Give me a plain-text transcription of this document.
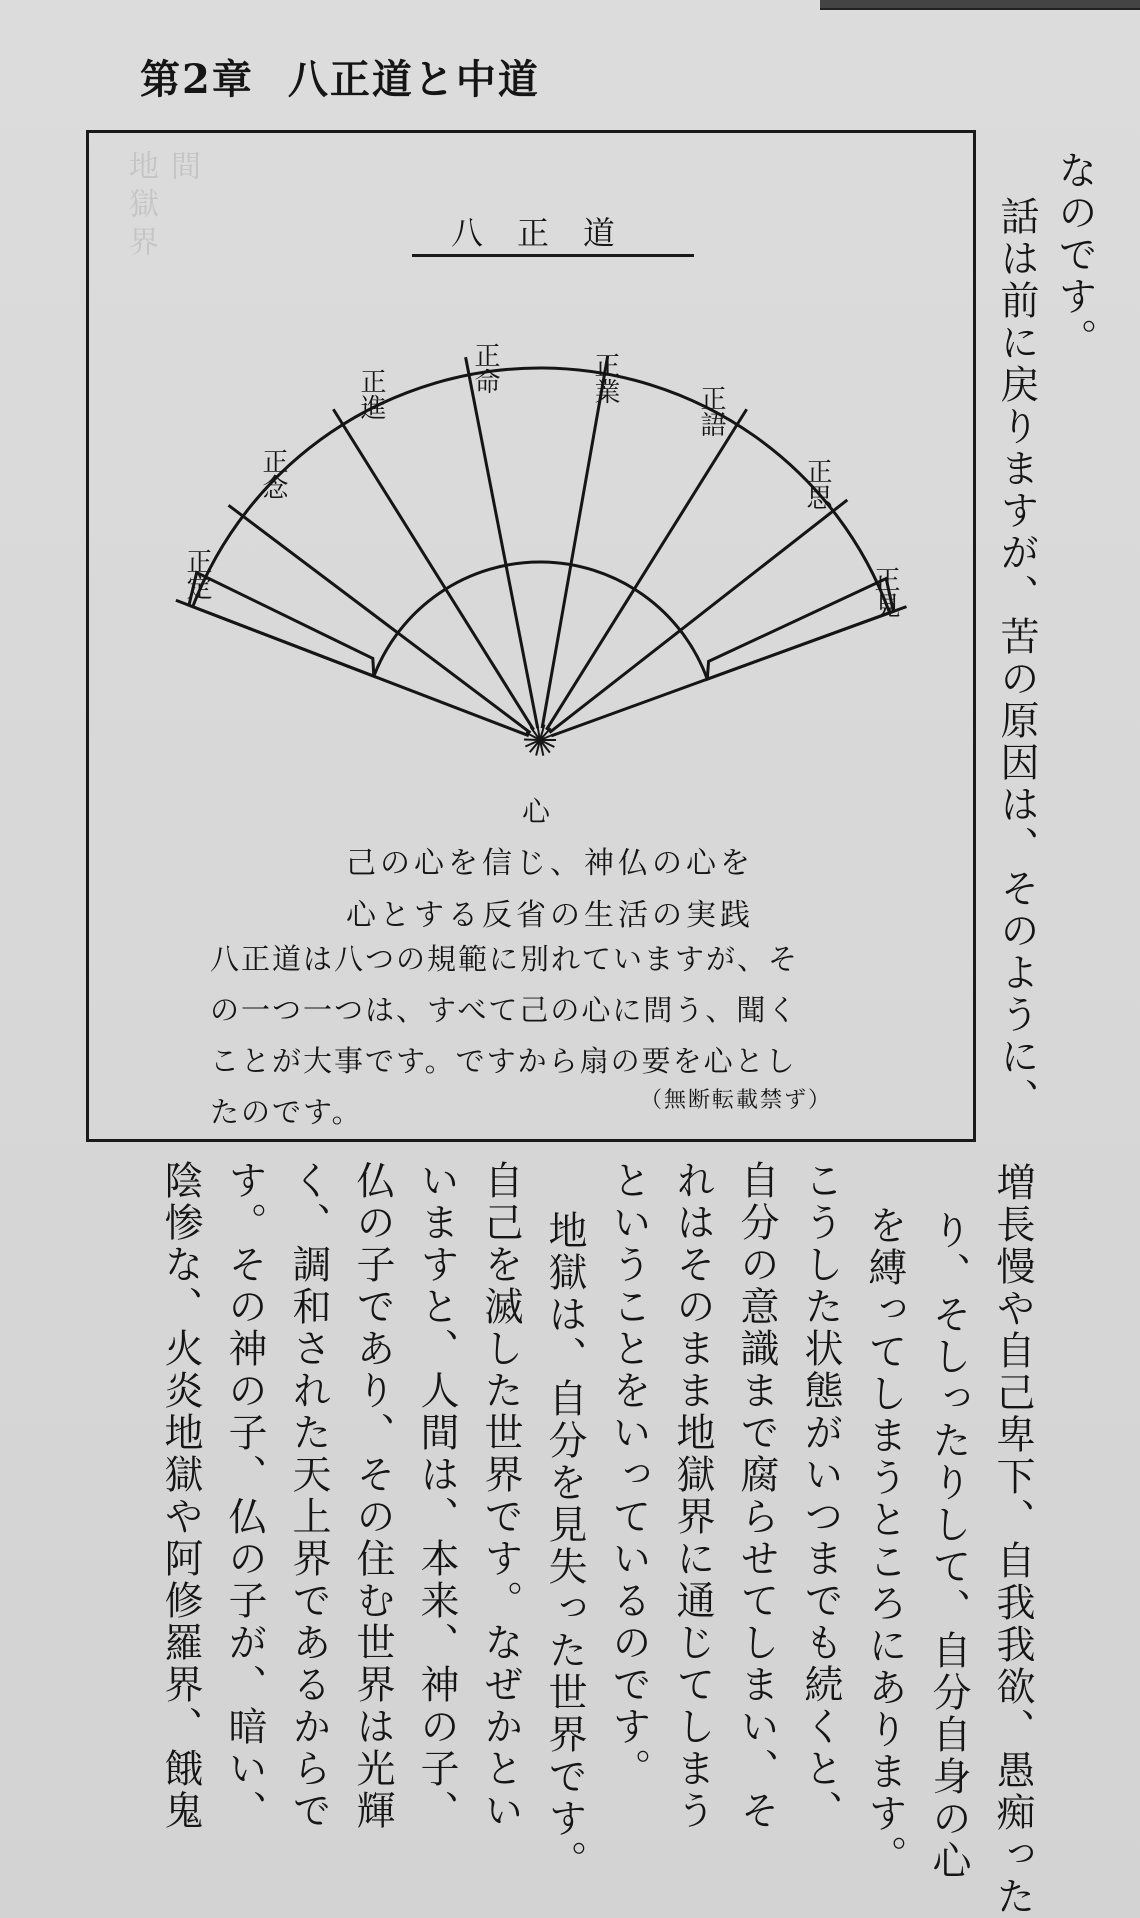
第2章 八正道と中道
地獄界 間
八正道
正定
正念
正進	正命	正業
正語
正思
正見
心
己の心を信じ、神仏の心を
心とする反省の生活の実践
八正道は八つの規範に別れていますが、そ
の一つ一つは、すべて己の心に問う、聞く
ことが大事です。ですから扇の要を心とし
たのです。	（無断転載禁ず）
なのです。
話は前に戻りますが、苦の原因は、そのように、
増長慢や自己卑下、自我我欲、愚痴った
り、そしったりして、自分自身の心
を縛ってしまうところにあります。
こうした状態がいつまでも続くと、
自分の意識まで腐らせてしまい、そ
れはそのまま地獄界に通じてしまう
ということをいっているのです。
地獄は、自分を見失った世界です。
自己を滅した世界です。なぜかとい
いますと、人間は、本来、神の子、
仏の子であり、その住む世界は光輝
く、調和された天上界であるからで
す。その神の子、仏の子が、暗い、
陰惨な、火炎地獄や阿修羅界、餓鬼
